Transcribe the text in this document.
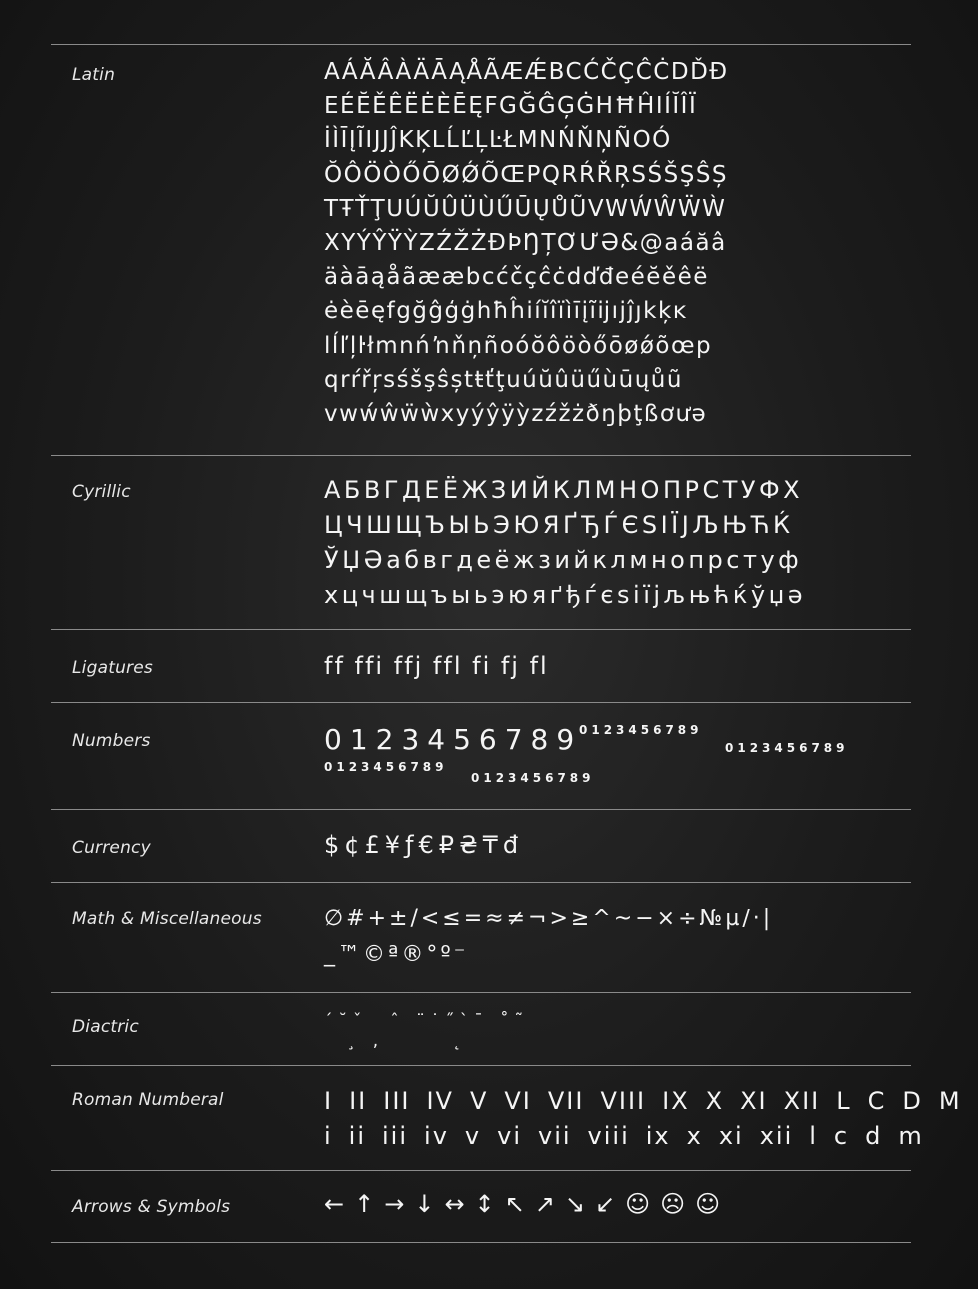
Latin	AÁĂÂÀÄĀĄÅÃÆǼBCĆČÇĈĊDĎĐ
EÉĔĚÊËĖÈĒĘFGĞĜĢĠHĦĤIÍĬÎÏ
İÌĪĮĨIJJĴKĶLĹĽĻĿŁMNŃŇŅÑOÓ
ŎÔÖÒŐŌØǾÕŒPQRŔŘŖSŚŠŞŜȘ
TŦŤŢUÚŬÛÜÙŰŪŲŮŨVWẂŴẄẀ
XYÝŶŸỲZŹŽŻÐÞŊȚƠƯƏ&@aáăâ
äàāąåãææbcćčçĉċdďđeéĕěêë
ėèēęfgğĝģġhħĥiíĭîïìīįĩĳıjĵȷkķĸ
lĺľļŀłmnńŉňņñoóŏôöòőōøǿõœp
qrŕřŗsśšşŝștŧťţuúŭûüűùūųůũ
vwẃŵẅẁxyýŷÿỳzźžżðŋþţßơưə
Cyrillic	АБВГДЕЁЖЗИЙКЛМНОПРСТУФХ
ЦЧШЩЪЫЬЭЮЯҐЂЃЄЅІЇЈЉЊЋЌ
ЎЏӘабвгдеёжзийклмнопрстуф
хцчшщъыьэюяґђѓєѕіїјљњћќўџә
Ligatures	ff ffi ffj ffl fi fj fl
Numbers	0123456789
0123456789
0123456789
0123456789
0123456789
Currency	$¢£¥ƒ€₽₴₸đ
Math & Miscellaneous	∅#+±/<≤=≈≠¬>≥^~−×÷№µ∕·|
_™©ª®°º⁻
Diactric	´˘ˇ  ˆ ¨˙˝`¯ ˚˜
¸ ,      ˛
Roman Numberal	I II III IV V VI VII VIII IX X XI XII L C D M
i ii iii iv v vi vii viii ix x xi xii l c d m
Arrows & Symbols	←↑→↓↔↕↖↗↘↙☺☹☺
